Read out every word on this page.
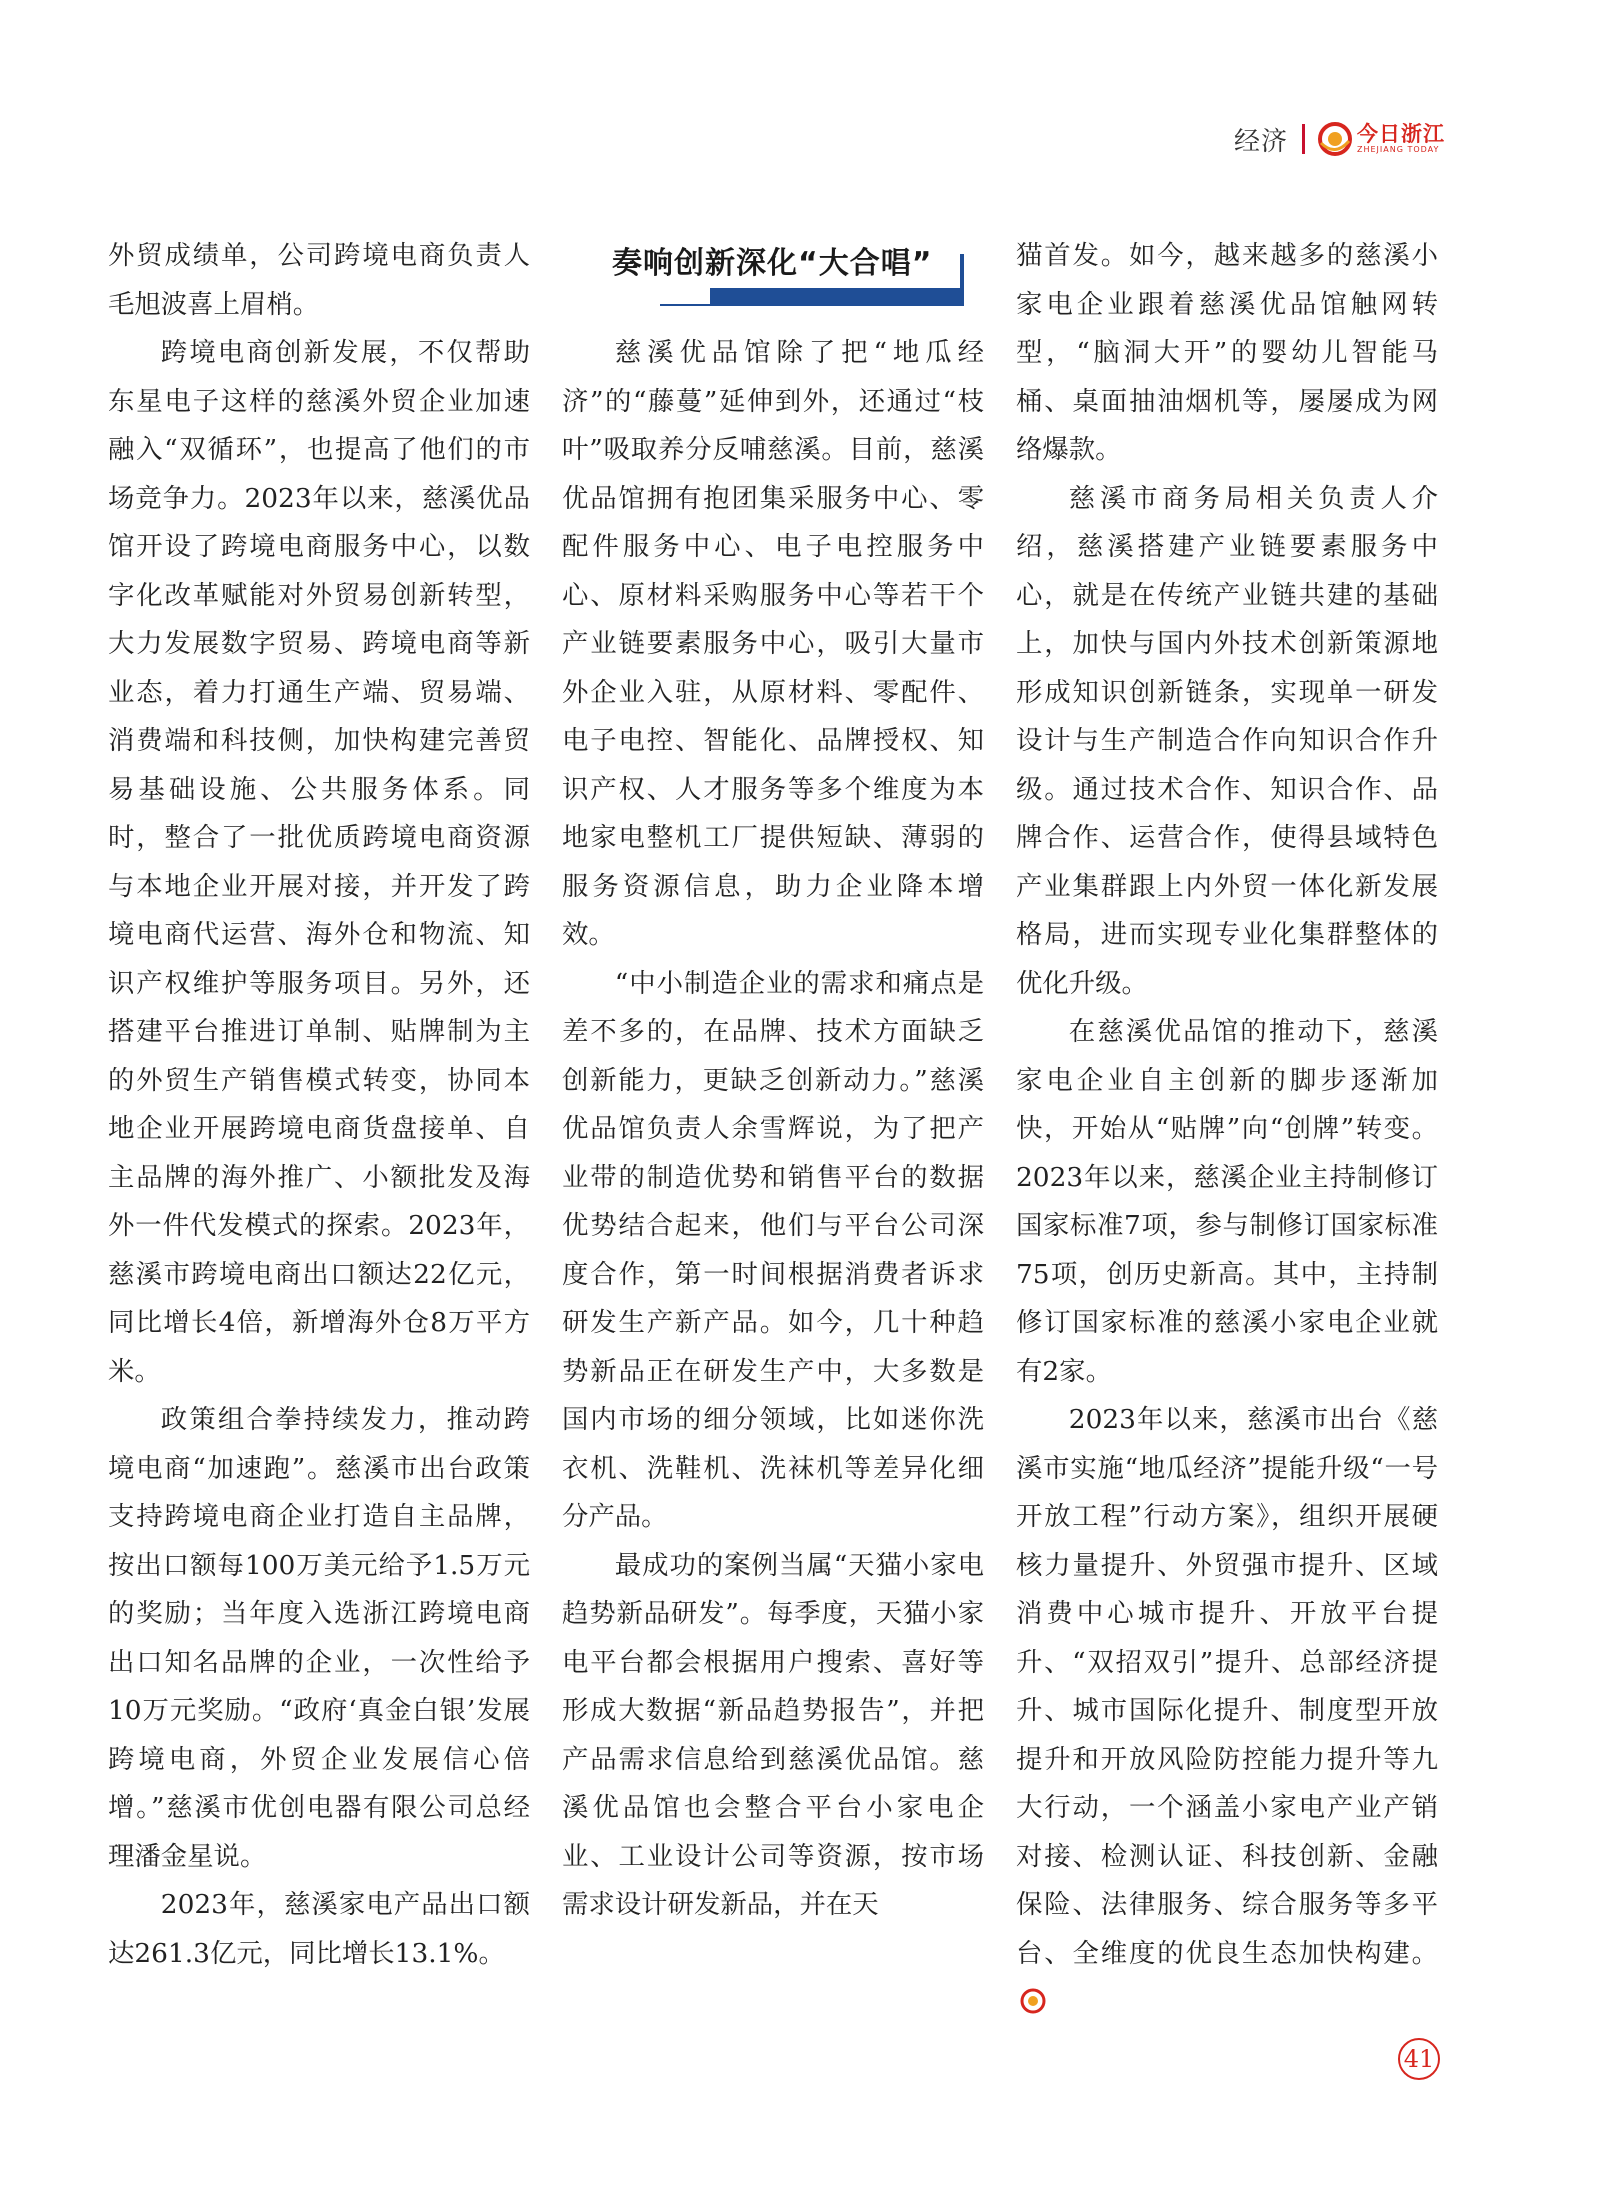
经济	今日浙江
ZHEJIANG TODAY

外贸成绩单，公司跨境电商负责人毛旭波喜上眉梢。

跨境电商创新发展，不仅帮助东星电子这样的慈溪外贸企业加速融入“双循环”，也提高了他们的市场竞争力。2023年以来，慈溪优品馆开设了跨境电商服务中心，以数字化改革赋能对外贸易创新转型，大力发展数字贸易、跨境电商等新业态，着力打通生产端、贸易端、消费端和科技侧，加快构建完善贸易基础设施、公共服务体系。同时，整合了一批优质跨境电商资源与本地企业开展对接，并开发了跨境电商代运营、海外仓和物流、知识产权维护等服务项目。另外，还搭建平台推进订单制、贴牌制为主的外贸生产销售模式转变，协同本地企业开展跨境电商货盘接单、自主品牌的海外推广、小额批发及海外一件代发模式的探索。2023年，慈溪市跨境电商出口额达22亿元，同比增长4倍，新增海外仓8万平方米。

政策组合拳持续发力，推动跨境电商“加速跑”。慈溪市出台政策支持跨境电商企业打造自主品牌，按出口额每100万美元给予1.5万元的奖励；当年度入选浙江跨境电商出口知名品牌的企业，一次性给予10万元奖励。“政府‘真金白银’发展跨境电商，外贸企业发展信心倍增。”慈溪市优创电器有限公司总经理潘金星说。

2023年，慈溪家电产品出口额达261.3亿元，同比增长13.1%。

奏响创新深化“大合唱”

慈溪优品馆除了把“地瓜经济”的“藤蔓”延伸到外，还通过“枝叶”吸取养分反哺慈溪。目前，慈溪优品馆拥有抱团集采服务中心、零配件服务中心、电子电控服务中心、原材料采购服务中心等若干个产业链要素服务中心，吸引大量市外企业入驻，从原材料、零配件、电子电控、智能化、品牌授权、知识产权、人才服务等多个维度为本地家电整机工厂提供短缺、薄弱的服务资源信息，助力企业降本增效。

“中小制造企业的需求和痛点是差不多的，在品牌、技术方面缺乏创新能力，更缺乏创新动力。”慈溪优品馆负责人余雪辉说，为了把产业带的制造优势和销售平台的数据优势结合起来，他们与平台公司深度合作，第一时间根据消费者诉求研发生产新产品。如今，几十种趋势新品正在研发生产中，大多数是国内市场的细分领域，比如迷你洗衣机、洗鞋机、洗袜机等差异化细分产品。

最成功的案例当属“天猫小家电趋势新品研发”。每季度，天猫小家电平台都会根据用户搜索、喜好等形成大数据“新品趋势报告”，并把产品需求信息给到慈溪优品馆。慈溪优品馆也会整合平台小家电企业、工业设计公司等资源，按市场需求设计研发新品，并在天

猫首发。如今，越来越多的慈溪小家电企业跟着慈溪优品馆触网转型，“脑洞大开”的婴幼儿智能马桶、桌面抽油烟机等，屡屡成为网络爆款。

慈溪市商务局相关负责人介绍，慈溪搭建产业链要素服务中心，就是在传统产业链共建的基础上，加快与国内外技术创新策源地形成知识创新链条，实现单一研发设计与生产制造合作向知识合作升级。通过技术合作、知识合作、品牌合作、运营合作，使得县域特色产业集群跟上内外贸一体化新发展格局，进而实现专业化集群整体的优化升级。

在慈溪优品馆的推动下，慈溪家电企业自主创新的脚步逐渐加快，开始从“贴牌”向“创牌”转变。2023年以来，慈溪企业主持制修订国家标准7项，参与制修订国家标准75项，创历史新高。其中，主持制修订国家标准的慈溪小家电企业就有2家。

2023年以来，慈溪市出台《慈溪市实施“地瓜经济”提能升级“一号开放工程”行动方案》，组织开展硬核力量提升、外贸强市提升、区域消费中心城市提升、开放平台提升、“双招双引”提升、总部经济提升、城市国际化提升、制度型开放提升和开放风险防控能力提升等九大行动，一个涵盖小家电产业产销对接、检测认证、科技创新、金融保险、法律服务、综合服务等多平台、全维度的优良生态加快构建。

41
